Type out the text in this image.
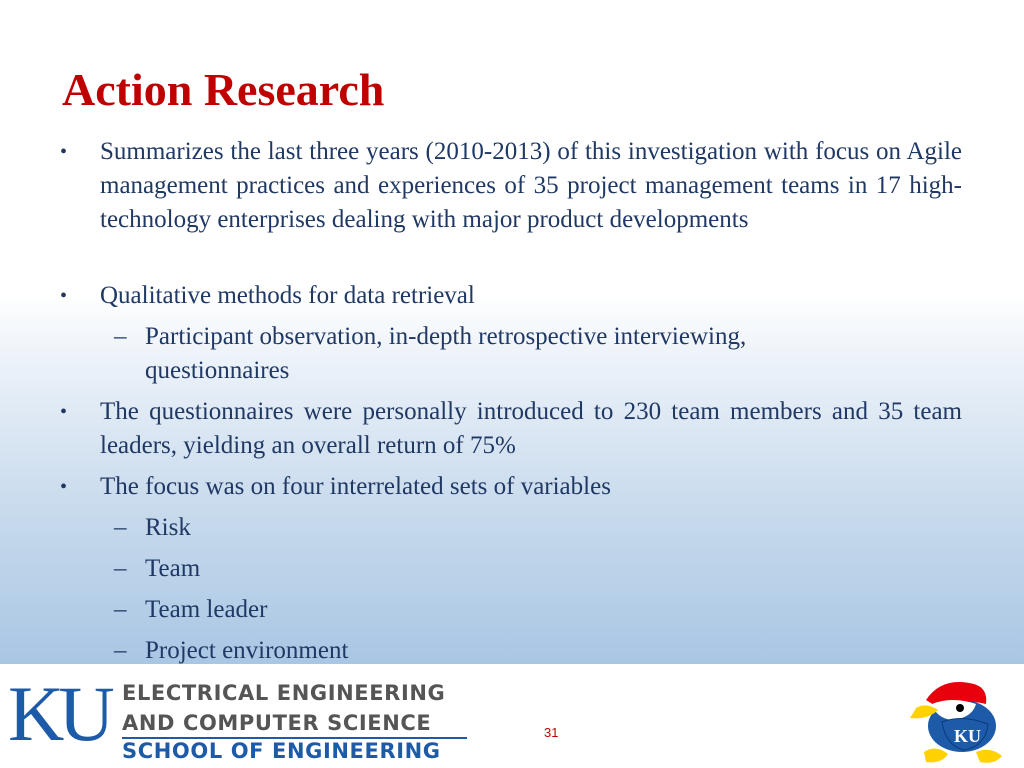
Action Research
• Summarizes the last three years (2010-2013) of this investigation with focus on Agile management practices and experiences of 35 project management teams in 17 high-technology enterprises dealing with major product developments
• Qualitative methods for data retrieval
– Participant observation, in-depth retrospective interviewing, questionnaires
• The questionnaires were personally introduced to 230 team members and 35 team leaders, yielding an overall return of 75%
• The focus was on four interrelated sets of variables
– Risk
– Team
– Team leader
– Project environment
KU ELECTRICAL ENGINEERING
AND COMPUTER SCIENCE
SCHOOL OF ENGINEERING
31	KU
